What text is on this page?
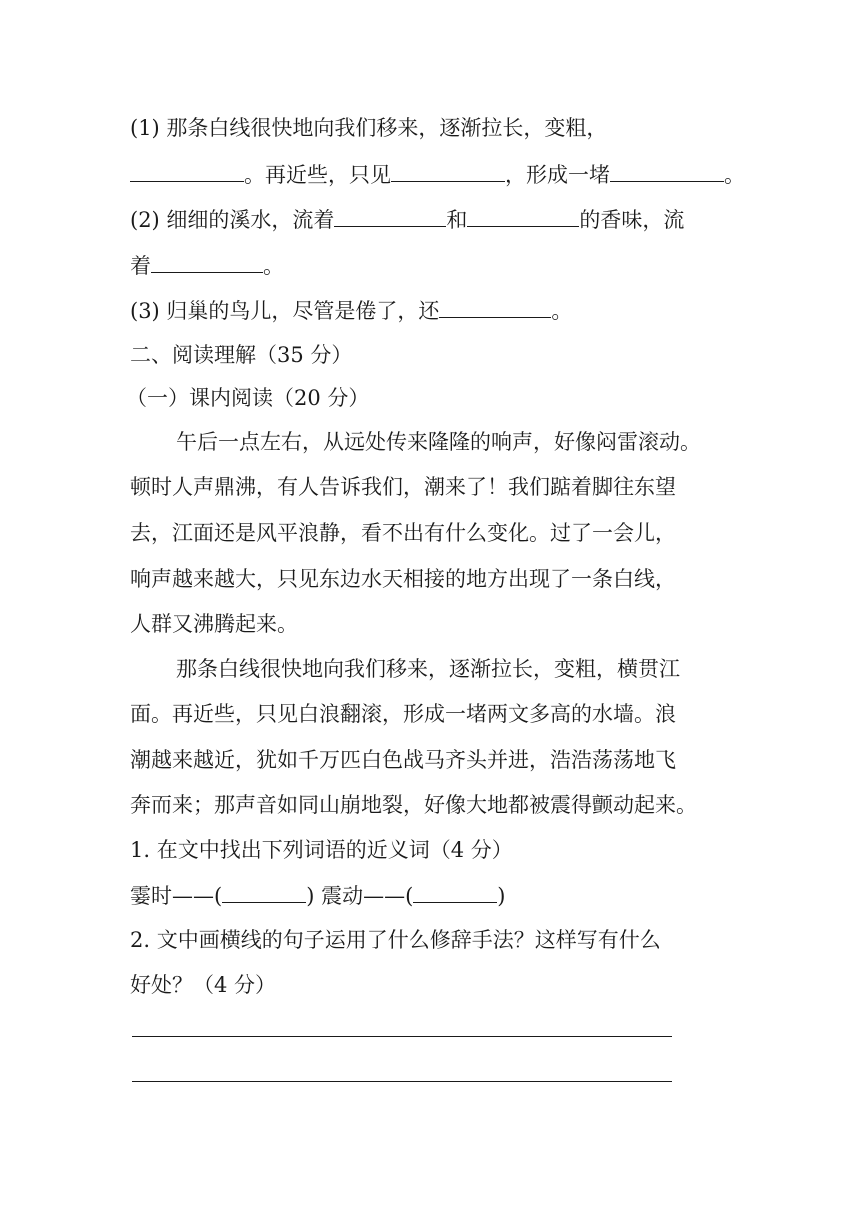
(1) 那条白线很快地向我们移来，逐渐拉长，变粗，
。再近些，只见	，形成一堵	。
(2) 细细的溪水，流着	和	的香味，流
着	。
(3) 归巢的鸟儿，尽管是倦了，还	。
二、阅读理解（35 分）
（一）课内阅读（20 分）
午后一点左右，从远处传来隆隆的响声，好像闷雷滚动。
顿时人声鼎沸，有人告诉我们，潮来了！我们踮着脚往东望
去，江面还是风平浪静，看不出有什么变化。过了一会儿，
响声越来越大，只见东边水天相接的地方出现了一条白线，
人群又沸腾起来。
那条白线很快地向我们移来，逐渐拉长，变粗，横贯江
面。再近些，只见白浪翻滚，形成一堵两文多高的水墙。浪
潮越来越近，犹如千万匹白色战马齐头并进，浩浩荡荡地飞
奔而来；那声音如同山崩地裂，好像大地都被震得颤动起来。
1. 在文中找出下列词语的近义词（4 分）
霎时——(	) 震动——(	)
2. 文中画横线的句子运用了什么修辞手法？这样写有什么
好处？（4 分）
